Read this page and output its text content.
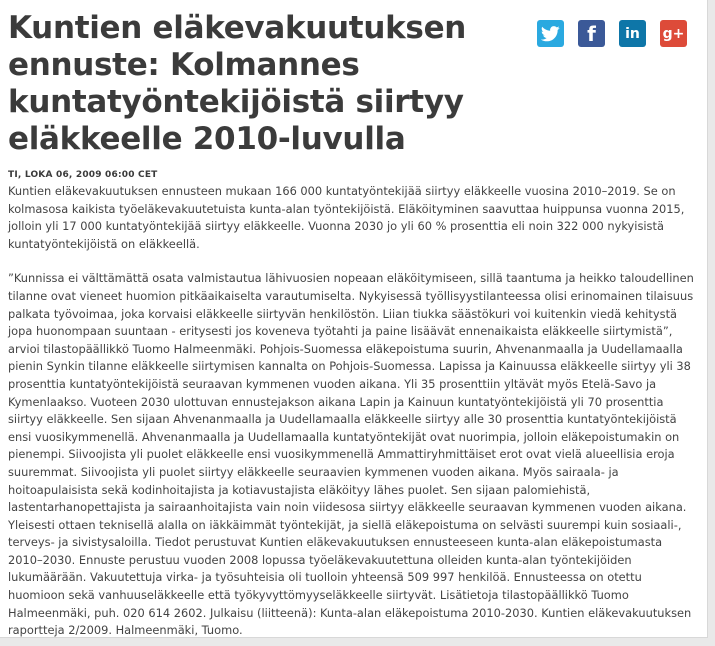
Kuntien eläkevakuutuksen ennuste: Kolmannes kuntatyöntekijöistä siirtyy eläkkeelle 2010-luvulla
f in g+
TI, LOKA 06, 2009 06:00 CET

Kuntien eläkevakuutuksen ennusteen mukaan 166 000 kuntatyöntekijää siirtyy eläkkeelle vuosina 2010–2019. Se on kolmasosa kaikista työeläkevakuutetuista kunta-alan työntekijöistä. Eläköityminen saavuttaa huippunsa vuonna 2015, jolloin yli 17 000 kuntatyöntekijää siirtyy eläkkeelle. Vuonna 2030 jo yli 60 % prosenttia eli noin 322 000 nykyisistä kuntatyöntekijöistä on eläkkeellä.

”Kunnissa ei välttämättä osata valmistautua lähivuosien nopeaan eläköitymiseen, sillä taantuma ja heikko taloudellinen tilanne ovat vieneet huomion pitkäaikaiselta varautumiselta. Nykyisessä työllisyystilanteessa olisi erinomainen tilaisuus palkata työvoimaa, joka korvaisi eläkkeelle siirtyvän henkilöstön. Liian tiukka säästökuri voi kuitenkin viedä kehitystä jopa huonompaan suuntaan - eritysesti jos koveneva työtahti ja paine lisäävät ennenaikaista eläkkeelle siirtymistä”, arvioi tilastopäällikkö Tuomo Halmeenmäki. Pohjois-Suomessa eläkepoistuma suurin, Ahvenanmaalla ja Uudellamaalla pienin Synkin tilanne eläkkeelle siirtymisen kannalta on Pohjois-Suomessa. Lapissa ja Kainuussa eläkkeelle siirtyy yli 38 prosenttia kuntatyöntekijöistä seuraavan kymmenen vuoden aikana. Yli 35 prosenttiin yltävät myös Etelä-Savo ja Kymenlaakso. Vuoteen 2030 ulottuvan ennustejakson aikana Lapin ja Kainuun kuntatyöntekijöistä yli 70 prosenttia siirtyy eläkkeelle. Sen sijaan Ahvenanmaalla ja Uudellamaalla eläkkeelle siirtyy alle 30 prosenttia kuntatyöntekijöistä ensi vuosikymmenellä. Ahvenanmaalla ja Uudellamaalla kuntatyöntekijät ovat nuorimpia, jolloin eläkepoistumakin on pienempi. Siivoojista yli puolet eläkkeelle ensi vuosikymmenellä Ammattiryhmittäiset erot ovat vielä alueellisia eroja suuremmat. Siivoojista yli puolet siirtyy eläkkeelle seuraavien kymmenen vuoden aikana. Myös sairaala- ja hoitoapulaisista sekä kodinhoitajista ja kotiavustajista eläköityy lähes puolet. Sen sijaan palomiehistä, lastentarhanopettajista ja sairaanhoitajista vain noin viidesosa siirtyy eläkkeelle seuraavan kymmenen vuoden aikana. Yleisesti ottaen teknisellä alalla on iäkkäimmät työntekijät, ja siellä eläkepoistuma on selvästi suurempi kuin sosiaali-, terveys- ja sivistysaloilla. Tiedot perustuvat Kuntien eläkevakuutuksen ennusteeseen kunta-alan eläkepoistumasta 2010–2030. Ennuste perustuu vuoden 2008 lopussa työeläkevakuutettuna olleiden kunta-alan työntekijöiden lukumäärään. Vakuutettuja virka- ja työsuhteisia oli tuolloin yhteensä 509 997 henkilöä. Ennusteessa on otettu huomioon sekä vanhuuseläkkeelle että työkyvyttömyyseläkkeelle siirtyvät. Lisätietoja tilastopäällikkö Tuomo Halmeenmäki, puh. 020 614 2602. Julkaisu (liitteenä): Kunta-alan eläkepoistuma 2010-2030. Kuntien eläkevakuutuksen raportteja 2/2009. Halmeenmäki, Tuomo.
